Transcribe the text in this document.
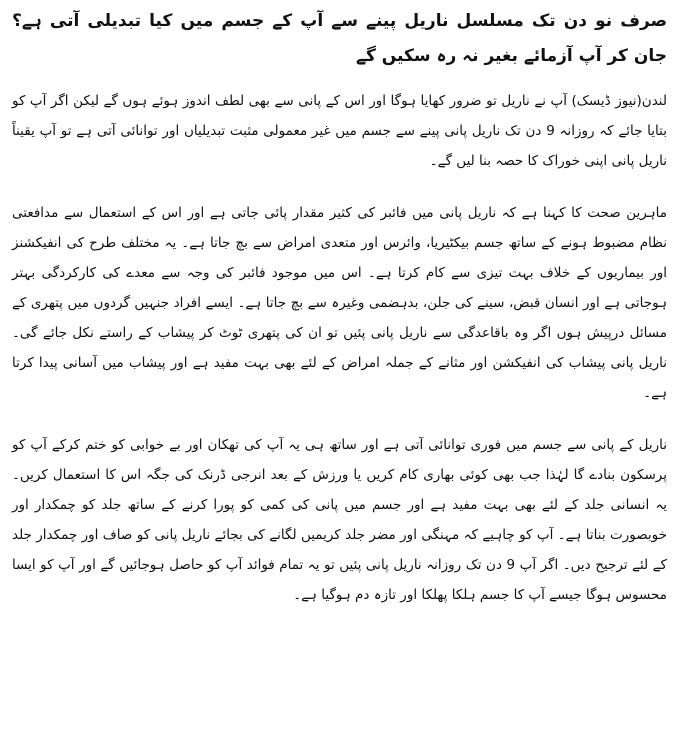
صرف نو دن تک مسلسل ناریل پینے سے آپ کے جسم میں کیا تبدیلی آتی ہے؟ جان کر آپ آزمائے بغیر نہ رہ سکیں گے

لندن(نیوز ڈیسک) آپ نے ناریل تو ضرور کھایا ہوگا اور اس کے پانی سے بھی لطف اندوز ہوئے ہوں گے لیکن اگر آپ کو بتایا جائے کہ روزانہ 9 دن تک ناریل پانی پینے سے جسم میں غیر معمولی مثبت تبدیلیاں اور توانائی آتی ہے تو آپ یقیناً ناریل پانی اپنی خوراک کا حصہ بنا لیں گے۔

ماہرین صحت کا کہنا ہے کہ ناریل پانی میں فائبر کی کثیر مقدار پائی جاتی ہے اور اس کے استعمال سے مدافعتی نظام مضبوط ہونے کے ساتھ جسم بیکٹیریا، وائرس اور متعدی امراض سے بچ جاتا ہے۔ یہ مختلف طرح کی انفیکشنز اور بیماریوں کے خلاف بہت تیزی سے کام کرتا ہے۔ اس میں موجود فائبر کی وجہ سے معدے کی کارکردگی بہتر ہوجاتی ہے اور انسان قبض، سینے کی جلن، بدہضمی وغیرہ سے بچ جاتا ہے۔ ایسے افراد جنہیں گردوں میں پتھری کے مسائل درپیش ہوں اگر وہ باقاعدگی سے ناریل پانی پئیں تو ان کی پتھری ٹوٹ کر پیشاب کے راستے نکل جائے گی۔ ناریل پانی پیشاب کی انفیکشن اور مثانے کے جملہ امراض کے لئے بھی بہت مفید ہے اور پیشاب میں آسانی پیدا کرتا ہے۔

ناریل کے پانی سے جسم میں فوری توانائی آتی ہے اور ساتھ ہی یہ آپ کی تھکان اور بے خوابی کو ختم کرکے آپ کو پرسکون بنادے گا لہٰذا جب بھی کوئی بھاری کام کریں یا ورزش کے بعد انرجی ڈرنک کی جگہ اس کا استعمال کریں۔ یہ انسانی جلد کے لئے بھی بہت مفید ہے اور جسم میں پانی کی کمی کو پورا کرنے کے ساتھ جلد کو چمکدار اور خوبصورت بناتا ہے۔ آپ کو چاہیے کہ مہنگی اور مضر جلد کریمیں لگانے کی بجائے ناریل پانی کو صاف اور چمکدار جلد کے لئے ترجیح دیں۔ اگر آپ 9 دن تک روزانہ ناریل پانی پئیں تو یہ تمام فوائد آپ کو حاصل ہوجائیں گے اور آپ کو ایسا محسوس ہوگا جیسے آپ کا جسم ہلکا پھلکا اور تازہ دم ہوگیا ہے۔
